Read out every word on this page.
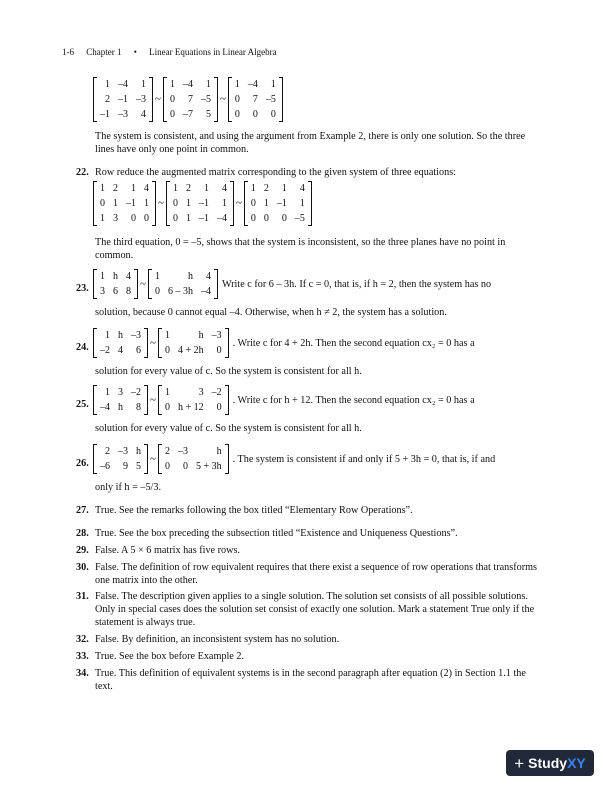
1-6 Chapter 1 • Linear Equations in Linear Algebra
1	–4	1
2	–1	–3
–1	–3	4
~
1	–4	1
0	7	–5
0	–7	5
~
1	–4	1
0	7	–5
0	0	0

The system is consistent, and using the argument from Example 2, there is only one solution. So the three lines have only one point in common.

22. Row reduce the augmented matrix corresponding to the given system of three equations:

1	2	1	4
0	1	–1	1
1	3	0	0
~
1	2	1	4
0	1	–1	1
0	1	–1	–4
~
1	2	1	4
0	1	–1	1
0	0	0	–5

The third equation, 0 = –5, shows that the system is inconsistent, so the three planes have no point in common.

23.
1	h	4
3	6	8
~
1	h	4
0	6 – 3h	–4
Write c for 6 – 3h. If c = 0, that is, if h = 2, then the system has no

solution, because 0 cannot equal –4. Otherwise, when h ≠ 2, the system has a solution.

24.
1	h	–3
–2	4	6
~
1	h	–3
0	4 + 2h	0
. Write c for 4 + 2h. Then the second equation cx₂ = 0 has a

solution for every value of c. So the system is consistent for all h.

25.
1	3	–2
–4	h	8
~
1	3	–2
0	h + 12	0
. Write c for h + 12. Then the second equation cx₂ = 0 has a

solution for every value of c. So the system is consistent for all h.

26.
2	–3	h
–6	9	5
~
2	–3	h
0	0	5 + 3h
. The system is consistent if and only if 5 + 3h = 0, that is, if and

only if h = –5/3.

27. True. See the remarks following the box titled “Elementary Row Operations”.

28. True. See the box preceding the subsection titled “Existence and Uniqueness Questions”.

29. False. A 5 × 6 matrix has five rows.

30. False. The definition of row equivalent requires that there exist a sequence of row operations that transforms one matrix into the other.

31. False. The description given applies to a single solution. The solution set consists of all possible solutions. Only in special cases does the solution set consist of exactly one solution. Mark a statement True only if the statement is always true.

32. False. By definition, an inconsistent system has no solution.

33. True. See the box before Example 2.

34. True. This definition of equivalent systems is in the second paragraph after equation (2) in Section 1.1 the text.

+ Study XY
